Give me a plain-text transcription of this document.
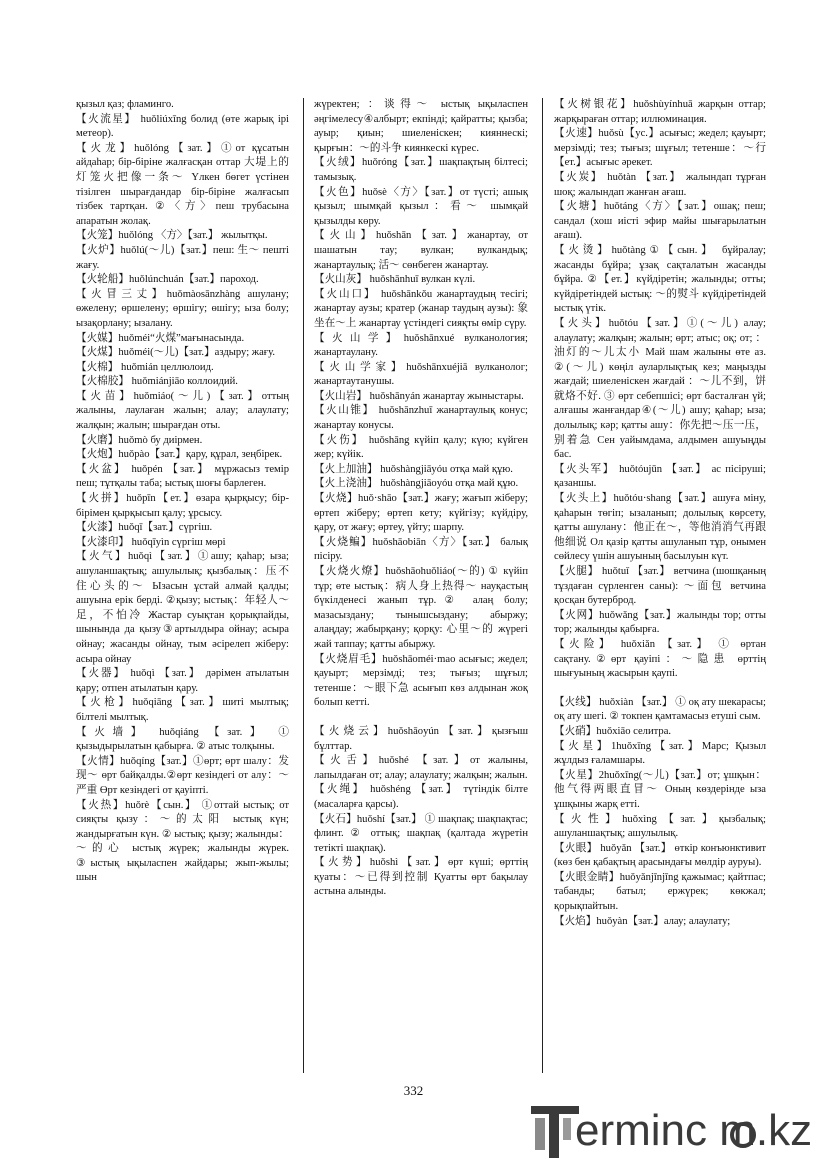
қызыл қаз; фламинго.

【火流星】 huǒliúxīng болид (өте жарық ірі метеор).

【火龙】huǒlóng【зат.】①от құсатын айдаһар; бір-біріне жалғасқан оттар 大堤上的灯笼火把像一条～ Үлкен бөгет үстінен тізілген шырағдандар бір-біріне жалғасып тізбек тартқан. ②〈方〉пеш трубасына апаратын жолақ.

【火笼】huǒlóng 〈方〉【зат.】 жылытқы.

【火炉】huǒlú(～儿)【зат.】пеш: 生～ пешті жағу.

【火轮船】huǒlúnchuán【зат.】пароход.

【火冒三丈】huǒmàosānzhàng ашулану; өжелену; өршелену; өршігу; өшігу; ыза болу; ызақорлану; ызалану.

【火媒】huǒméi“火煤”мағынасында.

【火煤】huǒméi(～儿)【зат.】аздыру; жағу.

【火棉】 huǒmián целлюлоид.

【火棉胶】 huǒmiánjiāo коллоидий.

【火苗】huǒmiáo(～儿)【зат.】оттың жалыны, лаулаған жалын; алау; алаулату; жалқын; жалын; шырағдан оты.

【火磨】huǒmò бу диірмен.

【火炮】huǒpào【зат.】қару, құрал, зеңбірек.

【火盆】 huǒpén 【зат.】 мұржасыз темір пеш; тұтқалы таба; ыстық шоғы барлеген.

【火拼】huǒpīn【ет.】өзара қырқысу; бір-бірімен қырқысып қалу; ұрсысу.

【火漆】huǒqī【зат.】сүргіш.

【火漆印】 huǒqīyìn сүргіш мөрі

【火气】huǒqì【зат.】①ашу; қаһар; ыза; ашуланшақтық; ашулылық; қызбалық：压不住心头的～ Ызасын ұстай алмай қалды; ашуына ерік берді. ②қызу; ыстық：年轻人～足，不怕冷 Жастар суықтан қорықпайды, шынында да қызу③артылдыра ойнау; асыра ойнау; жасанды ойнау, тым әсірелеп жіберу: асыра ойнау

【火器】 huǒqì 【зат.】 дәрімен атылатын қару; отпен атылатын қару.

【火枪】huǒqiāng【зат.】шиті мылтық; білтелі мылтық.

【火墙】 huǒqiáng 【зат.】 ① қызыдырылатын қабырға. ② атыс толқыны.

【火情】huǒqíng【зат.】①өрт; өрт шалу：发现～ өрт байқалды.②өрт кезіндегі от алу：～严重 Өрт кезіндегі от қауіпті.

【火热】huǒrè【сын.】 ①оттай ыстық; от сияқты қызу：～的太阳 ыстық күн; жандырғатын күн. ② ыстық; қызу; жалынды：～的心 ыстық жүрек; жалынды жүрек. ③ыстық ықыласпен жайдары; жып-жылы; шын

жүректен; ：谈得～ ыстық ықыласпен әңгімелесу④албырт; екпінді; қайратты; қызба; ауыр; қиын; шиеленіскен; кияннескі; қырғын：～的斗争 киянкескі күрес.

【火绒】huǒróng【зат.】шақпақтың білтесі; тамызық.

【火色】huǒsè〈方〉【зат.】от түсті; ашық қызыл; шымқай қызыл：看～ шымқай қызылды көру.

【火山】huǒshān【зат.】жанартау, от шашатын тау; вулкан; вулкандық; жанартаулық; 活～ сөнбеген жанартау.

【火山灰】 huǒshānhuī вулкан күлі.

【火山口】 huǒshānkǒu жанартаудың тесігі; жанартау аузы; кратер (жанар таудың аузы): 象坐在～上 жанартау үстіндегі сияқты өмір сүру.

【火山学】huǒshānxué вулканология; жанартаулану.

【火山学家】huǒshānxuéjiā вулканолог; жанартаутанушы.

【火山岩】 huǒshānyán жанартау жыныстары.

【火山锥】 huǒshānzhuī жанартаулық конус; жанартау конусы.

【火伤】 huǒshāng күйіп қалу; күю; күйген жер; күйік.

【火上加油】 huǒshàngjiāyóu отқа май құю.

【火上浇油】 huǒshàngjiāoyóu отқа май құю.

【火烧】huǒ·shāo【зат.】жағу; жағып жіберу; өртеп жіберу; өртеп кету; күйгізу; күйдіру, қару, от жағу; өртеу, үйту; шарпу.

【火烧鳊】huǒshāobiān〈方〉【зат.】 балық пісіру.

【火烧火燎】huǒshāohuǒliáo(～的) ① күйіп тұр; өте ыстық：病人身上热得～ науқастың бүкілденесі жанып тұр.② алаң болу; мазасыздану; тынышсыздану; абыржу; алаңдау; жабырқану; қорқу: 心里～的 жүрегі жай таппау; қатты абыржу.

【火烧眉毛】huǒshāoméi·mao асығыс; жедел; қауырт; мерзімді; тез; тығыз; шұғыл; тетенше：～眼下急 асығып көз алдынан жоқ болып кетті.

【火烧云】huǒshāoyún【зат.】қызғыш бұлттар.

【火舌】huǒshé 【зат.】от жалыны, лапылдаған от; алау; алаулату; жалқын; жалын.

【火绳】 huǒshéng 【зат.】 түтіндік білте (масаларға қарсы).

【火石】huǒshí【зат.】 ① шақпақ; шақпақтас; флинт. ② оттық; шақпақ (қалтада жүретін тетікті шақпақ).

【火势】huǒshì【зат.】өрт күші; өрттің қуаты：～已得到控制 Қуатты өрт бақылау астына алынды.

【火树银花】huǒshùyínhuā жарқын оттар; жарқыраған оттар; иллюминация.

【火速】huǒsù【ус.】асығыс; жедел; қауырт; мерзімді; тез; тығыз; шұғыл; тетенше：～行【ет.】асығыс әрекет.

【火炭】 huǒtàn 【зат.】 жалындап тұрған шоқ; жалындап жанған ағаш.

【火塘】huǒtáng〈方〉【зат.】ошақ; пеш; сандал (хош иісті эфир майы шығарылатын ағаш).

【火烫】huǒtàng①【сын.】 бұйралау; жасанды бұйра; ұзақ сақталатын жасанды бұйра. ②【ет.】күйдіретін; жалынды; отты; күйдіретіндей ыстық: ～的熨斗 күйдіретіндей ыстық үтік.

【火头】huǒtóu【зат.】①(～儿) алау; алаулату; жалқын; жалын; өрт; атыс; оқ; от; ：油灯的～儿太小 Май шам жалыны өте аз. ②(～儿) көңіл ауларлықтық кез; маңызды жағдай; шиеленіскен жағдай ：～儿不到，饼就烙不好. ③ өрт себепшісі; өрт басталған үй; алғашы жанғандар④(～儿) ашу; қаһар; ыза; долылық; кәр; қатты ашу：你先把～压一压，别着急 Сен уайымдама, алдымен ашуыңды бас.

【火头军】 huǒtóujūn 【зат.】 ас пісіруші; қазаншы.

【火头上】huǒtóu·shang【зат.】ашуға міну, қаһарын төгіп; ызаланып; долылық көрсету, қатты ашулану：他正在～，等他消消气再跟他细说 Ол қазір қатты ашуланып тұр, онымен сөйлесу үшін ашуының басылуын күт.

【火腿】 huǒtuǐ 【зат.】 ветчина (шошқаның тұздаған сүрленген саны): ～面包 ветчина қосқан бутерброд.

【火网】huǒwǎng【зат.】жалынды тор; отты тор; жалынды қабырға.

【火险】 huǒxiǎn 【зат.】 ① өртан сақтану.②өрт қауіпі：～隐患 өрттің шығуының жасырын қаупі.

【火线】 huǒxiàn 【зат.】 ① оқ ату шекарасы; оқ ату шегі. ② токпен қамтамасыз етуші сым.

【火硝】huǒxiāo селитра.

【火星】1huǒxīng【зат.】Марс; Қызыл жұлдыз ғаламшары.

【火星】2huǒxīng(～儿)【зат.】от; ұшқын：他气得两眼直冒～ Оның көздерінде ыза ұшқыны жарқ етті.

【火性】huǒxìng【зат.】қызбалық; ашуланшақтық; ашулылық.

【火眼】 huǒyǎn 【зат.】 өткір конъюнктивит (көз бен қабақтың арасындағы мөлдір ауруы).

【火眼金睛】huǒyǎnjīnjīng қажымас; қайтпас; табанды; батыл; ержүрек; көкжал; қорықпайтын.

【火焰】huǒyàn【зат.】алау; алаулату;

332
erminc m.kz
